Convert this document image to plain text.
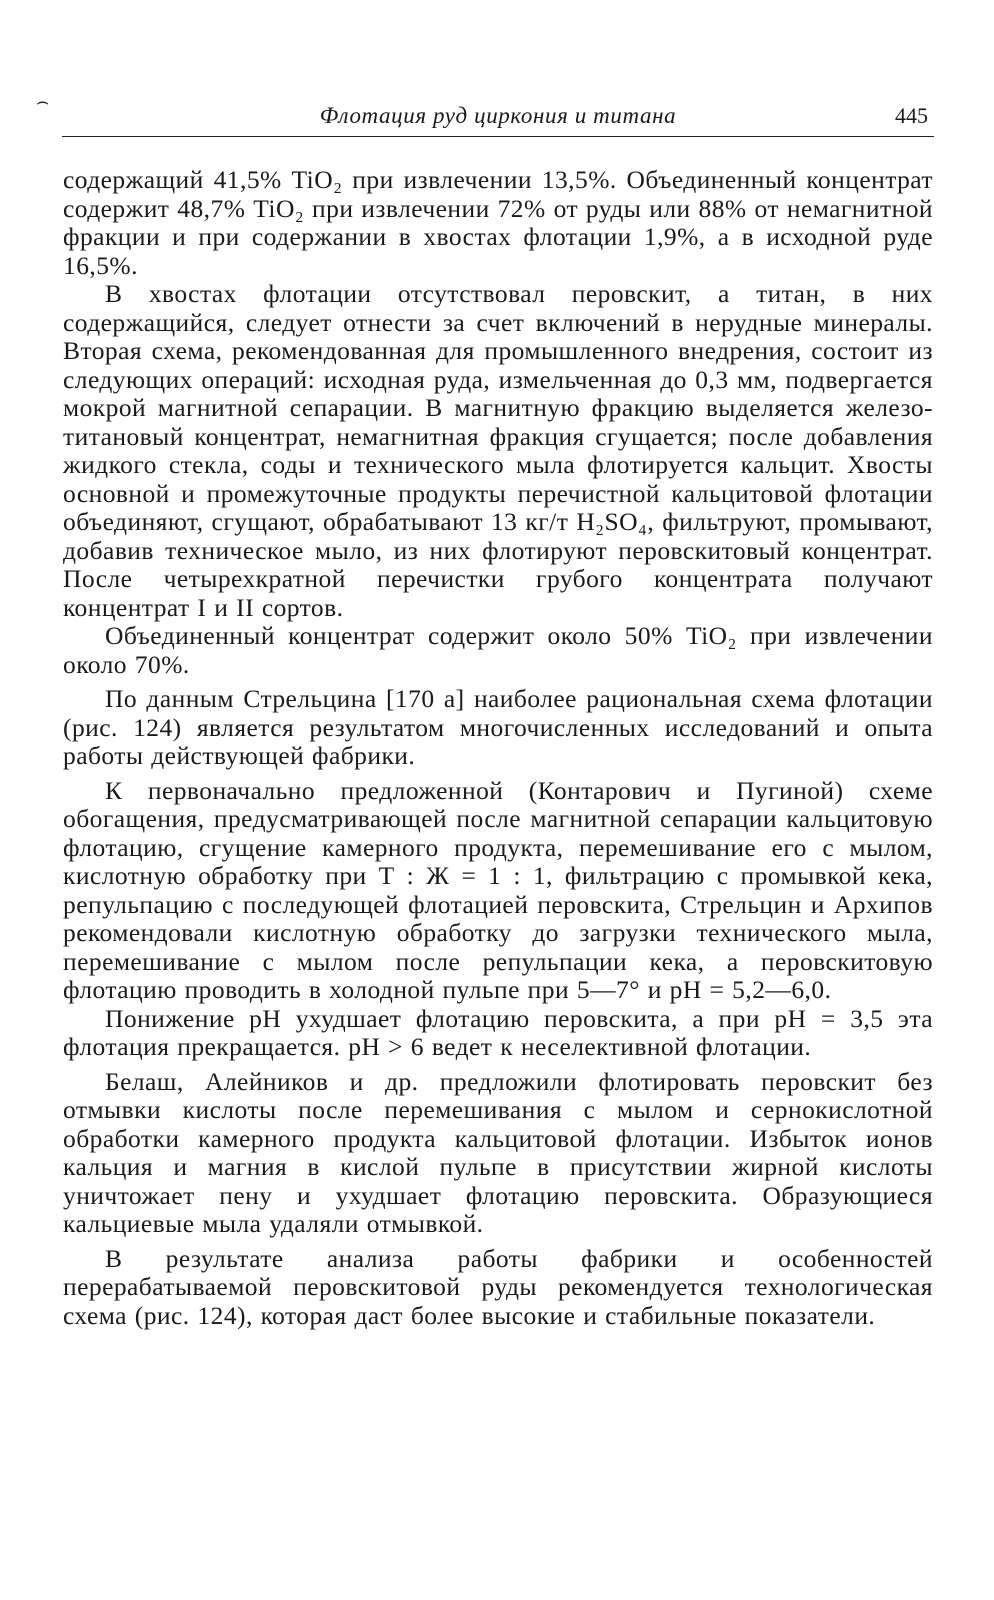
⌢
Флотация руд циркония и титана	445

содержащий 41,5% TiO₂ при извлечении 13,5%. Объединенный концентрат содержит 48,7% TiO₂ при извлечении 72% от руды или 88% от немагнитной фракции и при содержании в хвостах флотации 1,9%, а в исходной руде 16,5%.

В хвостах флотации отсутствовал перовскит, а титан, в них содержащийся, следует отнести за счет включений в нерудные минералы. Вторая схема, рекомендованная для промышленного внедрения, состоит из следующих операций: исходная руда, измельченная до 0,3 мм, подвергается мокрой магнитной сепарации. В магнитную фракцию выделяется железо-титановый концентрат, немагнитная фракция сгущается; после добавления жидкого стекла, соды и технического мыла флотируется кальцит. Хвосты основной и промежуточные продукты перечистной кальцитовой флотации объединяют, сгущают, обрабатывают 13 кг/т H₂SO₄, фильтруют, промывают, добавив техническое мыло, из них флотируют перовскитовый концентрат. После четырехкратной перечистки грубого концентрата получают концентрат I и II сортов.

Объединенный концентрат содержит около 50% TiO₂ при извлечении около 70%.

По данным Стрельцина [170 а] наиболее рациональная схема флотации (рис. 124) является результатом многочисленных исследований и опыта работы действующей фабрики.

К первоначально предложенной (Контарович и Пугиной) схеме обогащения, предусматривающей после магнитной сепарации кальцитовую флотацию, сгущение камерного продукта, перемешивание его с мылом, кислотную обработку при Т : Ж = 1 : 1, фильтрацию с промывкой кека, репульпацию с последующей флотацией перовскита, Стрельцин и Архипов рекомендовали кислотную обработку до загрузки технического мыла, перемешивание с мылом после репульпации кека, а перовскитовую флотацию проводить в холодной пульпе при 5—7° и pH = 5,2—6,0.

Понижение pH ухудшает флотацию перовскита, а при pH = 3,5 эта флотация прекращается. pH > 6 ведет к неселективной флотации.

Белаш, Алейников и др. предложили флотировать перовскит без отмывки кислоты после перемешивания с мылом и сернокислотной обработки камерного продукта кальцитовой флотации. Избыток ионов кальция и магния в кислой пульпе в присутствии жирной кислоты уничтожает пену и ухудшает флотацию перовскита. Образующиеся кальциевые мыла удаляли отмывкой.

В результате анализа работы фабрики и особенностей перерабатываемой перовскитовой руды рекомендуется технологическая схема (рис. 124), которая даст более высокие и стабильные показатели.
